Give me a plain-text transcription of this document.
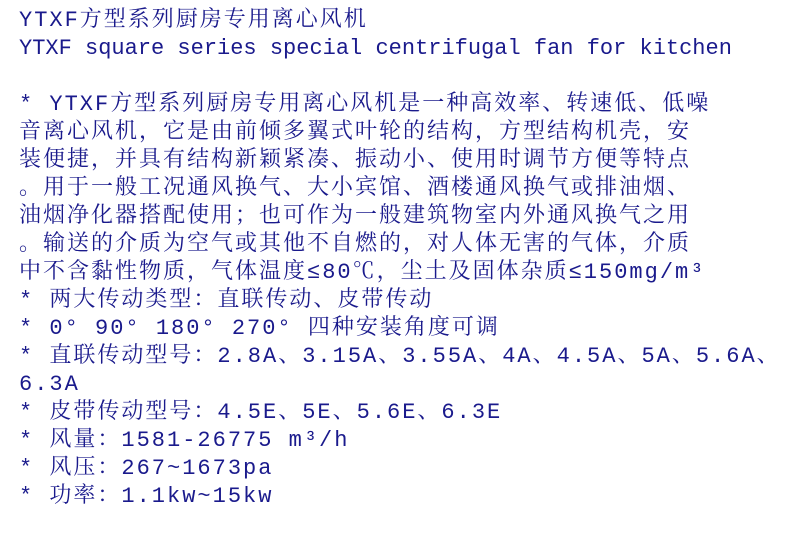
YTXF方型系列厨房专用离心风机
YTXF square series special centrifugal fan for kitchen
* YTXF方型系列厨房专用离心风机是一种高效率、转速低、低噪
音离心风机，它是由前倾多翼式叶轮的结构，方型结构机壳，安
装便捷，并具有结构新颖紧凑、振动小、使用时调节方便等特点
。用于一般工况通风换气、大小宾馆、酒楼通风换气或排油烟、
油烟净化器搭配使用；也可作为一般建筑物室内外通风换气之用
。输送的介质为空气或其他不自燃的，对人体无害的气体，介质
中不含黏性物质，气体温度≤80℃，尘土及固体杂质≤150mg/m³
* 两大传动类型：直联传动、皮带传动
* 0° 90° 180° 270° 四种安装角度可调
* 直联传动型号：2.8A、3.15A、3.55A、4A、4.5A、5A、5.6A、
6.3A
* 皮带传动型号：4.5E、5E、5.6E、6.3E
* 风量：1581-26775 m³/h
* 风压：267~1673pa
* 功率：1.1kw~15kw
